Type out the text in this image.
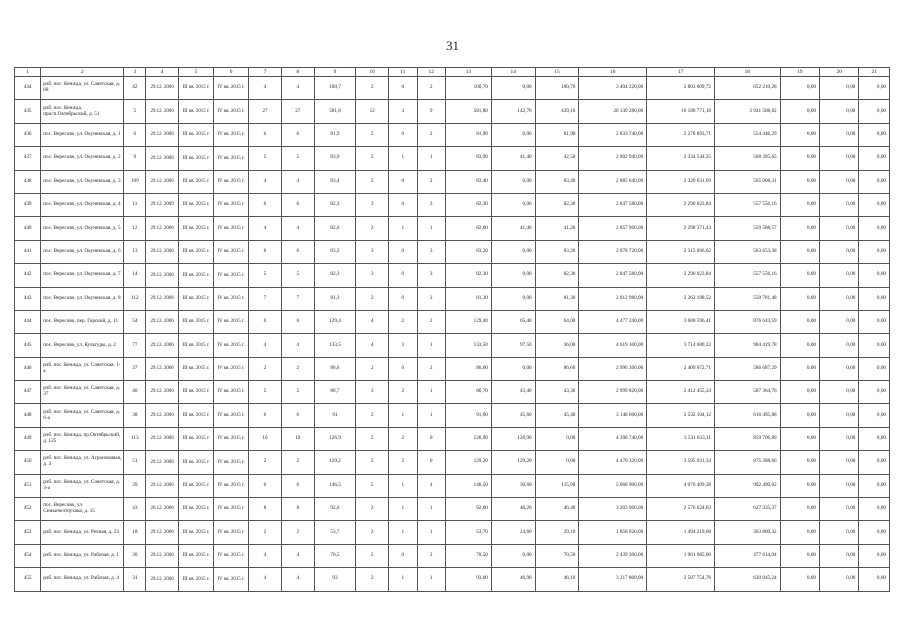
31
1	2	3	4	5	6	7	8	9	10	11	12	13	14	15	16	17	18	19	20	21
434	рлб. пос. Кенжда, ул. Советская, д. 68	42	29.12. 2006	III кв. 2015 г.	IV кв. 2015 г.	4	4	100,7	2	0	2	100,70	0,00	100,70	3 404 220,00	2 803 009,72	652 210,28	0,00	0,00	0,00
435	рлб. пос. Кенжда, просп.Октябрьский, д. 51	5	29.12. 2006	III кв. 2015 г.	IV кв. 2015 г.	27	27	581,8	12	3	9	581,80	142,76	439,10	20 130 280,00	16 188 771,18	3 941 508,82	0,00	0,00	0,00
436	пос. Вересово, ул. Окуневская, д. 1	6	29.12. 2006	III кв. 2015 г.	IV кв. 2015 г.	6	6	81,9	2	0	2	81,90	0,00	81,90	2 833 740,00	2 278 893,71	554 446,29	0,00	0,00	0,00
437	пос. Вересово, ул. Окуневская, д. 2	9	29.12. 2006	III кв. 2015 г.	IV кв. 2015 г.	5	5	83,9	2	1	1	83,90	41,40	42,50	2 902 940,00	2 334 544,35	568 395,65	0,00	0,00	0,00
438	пос. Вересово, ул. Окуневская, д. 3	109	29.12. 2006	III кв. 2015 г.	IV кв. 2015 г.	4	4	83,4	2	0	2	83,40	0,00	83,40	2 885 640,00	2 320 631,69	565 008,31	0,00	0,00	0,00
439	пос. Вересово, ул. Окуневская, д. 4	11	29.12. 2009	III кв. 2015 г.	IV кв. 2015 г.	6	6	82,3	3	0	3	82,30	0,00	82,30	2 847 580,00	2 290 023,84	557 556,16	0,00	0,00	0,00
440	пос. Вересово, ул. Окуневская, д. 5	12	29.12. 2006	III кв. 2015 г.	IV кв. 2015 г.	4	4	82,6	2	1	1	82,60	41,40	41,20	2 857 960,00	2 298 371,43	559 588,57	0,00	0,00	0,00
441	пос. Вересово, ул. Окуневская, д. 6	13	29.12. 2006	III кв. 2015 г.	IV кв. 2015 г.	6	6	83,2	3	0	3	83,20	0,00	83,20	2 878 720,00	2 315 066,62	563 653,38	0,00	0,00	0,00
442	пос. Вересово, ул. Окуневская, д. 7	14	29.12. 2006	III кв. 2015 г.	IV кв. 2015 г.	5	5	82,3	3	0	3	82,30	0,00	82,30	2 847 580,00	2 290 023,84	557 556,16	0,00	0,00	0,00
443	пос. Вересово, ул. Окуневская, д. 8	112	29.12. 2006	III кв. 2015 г.	IV кв. 2015 г.	7	7	81,3	2	0	2	81,30	0,00	81,30	2 812 980,00	2 262 198,52	550 781,48	0,00	0,00	0,00
444	пос. Вересово, пер. Горский, д. 11	54	29.12. 2006	III кв. 2015 г.	IV кв. 2015 г.	6	6	129,4	4	2	2	129,40	65,40	64,00	4 477 240,00	3 600 596,41	876 643,59	0,00	0,00	0,00
445	пос. Вересово, ул. Культуры, д. 2	77	29.12. 2006	III кв. 2015 г.	IV кв. 2015 г.	4	4	133,5	4	3	1	133,50	97,50	36,00	4 619 100,00	3 714 680,22	904 419,78	0,00	0,00	0,00
446	рлб. пос. Кенжда, ул. Советская, 1-а	37	29.12. 2006	III кв. 2015 г.	IV кв. 2015 г.	2	2	86,6	2	0	2	86,60	0,00	86,60	2 996 360,00	2 409 672,71	586 687,29	0,00	0,00	0,00
447	рлб. пос. Кенжда, ул. Советская, д. 37	40	29.12. 2006	III кв. 2015 г.	IV кв. 2015 г.	5	5	86,7	3	2	1	86,70	43,40	43,30	2 999 820,00	2 412 455,24	587 364,76	0,00	0,00	0,00
448	рлб. пос. Кенжда, ул. Советская, д. 6-а	38	29.12. 2006	III кв. 2015 г.	IV кв. 2015 г.	6	6	91	2	1	1	91,00	45,60	45,40	3 148 600,00	2 532 104,12	616 495,88	0,00	0,00	0,00
449	рлб. пос. Кенжда, пр.Октябрьский, д. 125	113	29.12. 2006	III кв. 2015 г.	IV кв. 2015 г.	10	10	126,9	2	2	0	126,90	126,90	0,00	4 390 740,00	3 531 033,11	859 706,89	0,00	0,00	0,00
450	рлб. пос. Кенжда, ул. Агрономавая, д. 3	51	29.12. 2006	III кв. 2015 г.	IV кв. 2015 г.	2	2	129,2	2	2	0	129,20	129,20	0,00	4 470 320,00	3 595 031,34	875 288,66	0,00	0,00	0,00
451	рлб. пос. Кенжда, ул. Советская, д. 3-а	39	29.12. 2006	III кв. 2015 г.	IV кв. 2015 г.	6	6	146,5	5	1	4	146,50	30,60	115,90	5 068 900,00	4 076 409,38	992 490,62	0,00	0,00	0,00
452	пос. Вересово, ул. Семьичелтоухова, д. 15	43	26.12. 2006	III кв. 2015 г.	IV кв. 2015 г.	8	8	92,6	2	1	1	92,60	46,20	46,40	3 203 960,00	2 576 624,63	627 335,37	0,00	0,00	0,00
453	рлб. пос. Кенжда, ул. Речная, д. 23	18	29.12. 2006	III кв. 2015 г.	IV кв. 2015 г.	2	2	53,7	2	1	1	53,70	24,60	29,10	1 858 020,00	1 494 219,68	363 800,32	0,00	0,00	0,00
454	рлб. пос. Кенжда, ул. Рабочая, д. 1	30	29.12. 2006	III кв. 2015 г.	IV кв. 2015 г.	4	4	70,5	2	0	2	70,50	0,00	70,50	2 439 300,00	1 961 685,06	477 614,94	0,00	0,00	0,00
455	рлб. пос. Кенжда, ул. Рабочая, д. 4	31	29.12. 2006	III кв. 2015 г.	IV кв. 2015 г.	4	4	93	2	1	1	93,00	46,90	46,10	3 217 800,00	2 587 754,76	630 045,24	0,00	0,00	0,00
